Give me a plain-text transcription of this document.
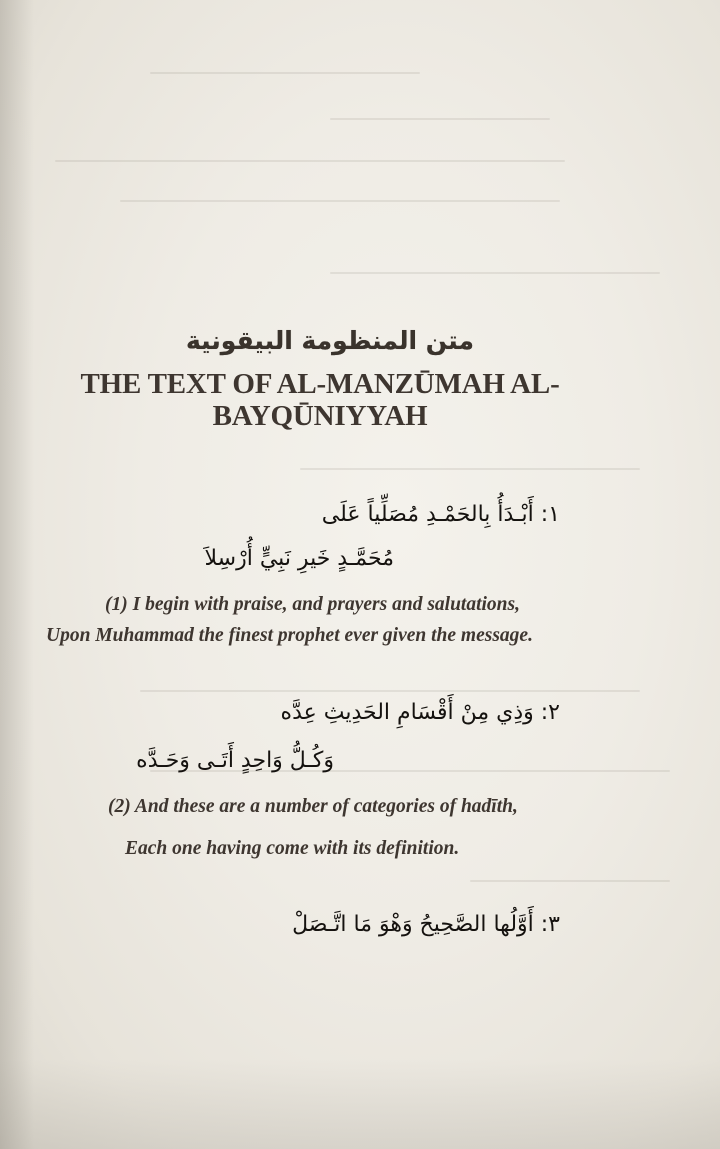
متن المنظومة البيقونية
THE TEXT OF AL-MANZŪMAH AL-BAYQŪNIYYAH
١: أَبْـدَأُ بِالحَمْـدِ مُصَلِّياً عَلَى
مُحَمَّـدٍ خَيرِ نَبِيٍّ أُرْسِلاَ
(1) I begin with praise, and prayers and salutations,
Upon Muhammad the finest prophet ever given the message.
٢: وَذِي مِنْ أَقْسَامِ الحَدِيثِ عِدَّه
وَكُـلُّ وَاحِدٍ أَتَـى وَحَـدَّه
(2) And these are a number of categories of hadīth,
Each one having come with its definition.
٣: أَوَّلُها الصَّحِيحُ وَهْوَ مَا اتَّـصَلْ
